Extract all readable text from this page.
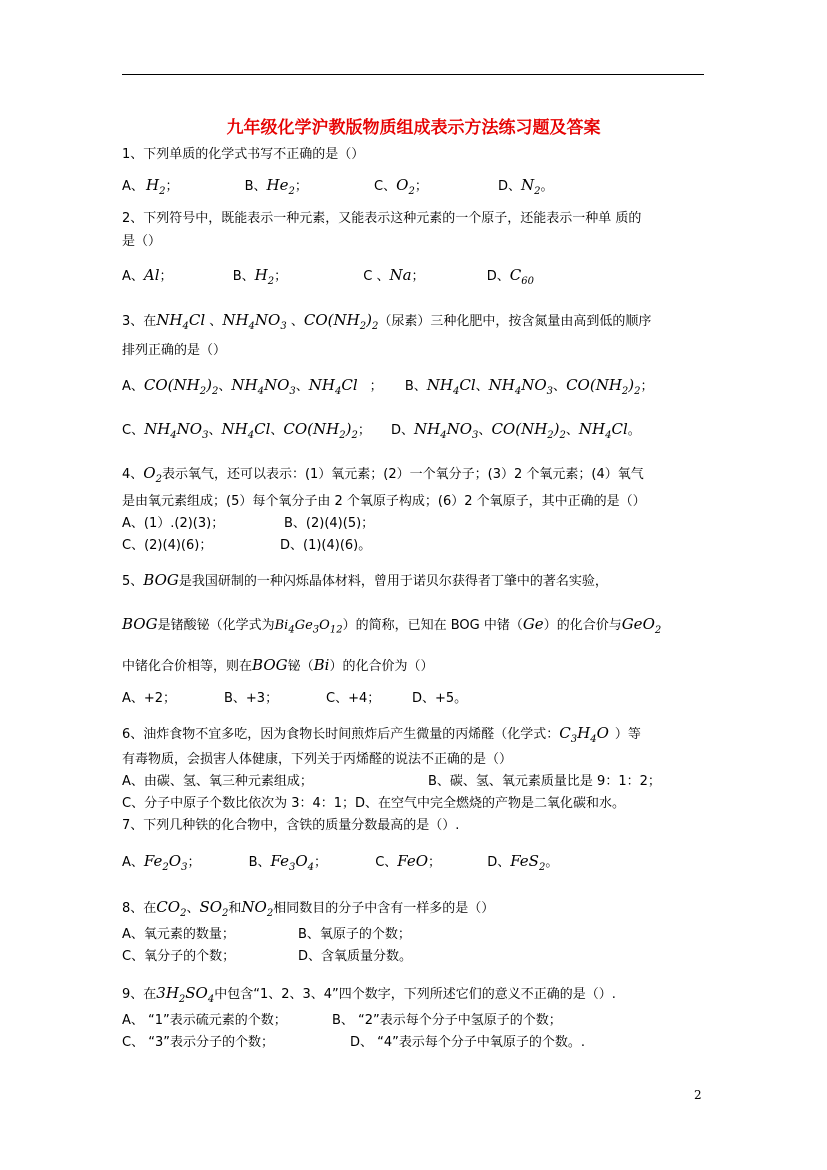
九年级化学沪教版物质组成表示方法练习题及答案
1、下列单质的化学式书写不正确的是（）
A、 $H_2$；	B、$He_2$；	C、$O_2$；	D、$N_2$。
2、下列符号中，既能表示一种元素，又能表示这种元素的一个原子，还能表示一种单 质的
是（）
A、Al；	B、$H_2$；	C 、Na；	D、$C_{60}$
3、在$NH_4Cl$ 、$NH_4NO_3$ 、$CO(NH_2)_2$（尿素）三种化肥中，按含氮量由高到低的顺序
排列正确的是（）
A、$CO(NH_2)_2$、$NH_4NO_3$、$NH_4Cl$ ； B、$NH_4Cl$、$NH_4NO_3$、$CO(NH_2)_2$；
C、$NH_4NO_3$、$NH_4Cl$、$CO(NH_2)_2$； D、$NH_4NO_3$、$CO(NH_2)_2$、$NH_4Cl$。
4、$O_2$表示氧气，还可以表示：(1）氧元素；(2）一个氧分子；(3）2 个氧元素；(4）氧气
是由氧元素组成；(5）每个氧分子由 2 个氧原子构成；(6）2 个氧原子，其中正确的是（）
A、(1）.(2)(3)；	B、(2)(4)(5)；
C、(2)(4)(6)；	D、(1)(4)(6)。
5、BOG是我国研制的一种闪烁晶体材料，曾用于诺贝尔获得者丁肇中的著名实验，
BOG是锗酸铋（化学式为$Bi_4Ge_3O_{12}$）的简称，已知在 BOG 中锗（Ge）的化合价与GeO$_2$
中锗化合价相等，则在BOG铋（Bi）的化合价为（）
A、+2；	B、+3；	C、+4； D、+5。
6、油炸食物不宜多吃，因为食物长时间煎炸后产生微量的丙烯醛（化学式：$C_3H_4O$ ）等
有毒物质，会损害人体健康，下列关于丙烯醛的说法不正确的是（）
A、由碳、氢、氧三种元素组成；	B、碳、氢、氧元素质量比是 9：1：2；
C、分子中原子个数比依次为 3：4：1；D、在空气中完全燃烧的产物是二氧化碳和水。
7、下列几种铁的化合物中，含铁的质量分数最高的是（）.
A、$Fe_2O_3$；	B、$Fe_3O_4$；	C、FeO；	D、FeS$_2$。
8、在$CO_2$、$SO_2$和$NO_2$相同数目的分子中含有一样多的是（）
A、氧元素的数量；	B、氧原子的个数；
C、氧分子的个数；	D、含氧质量分数。
9、在$3H_2SO_4$中包含“1、2、3、4”四个数字，下列所述它们的意义不正确的是（）.
A、 “1”表示硫元素的个数；	B、 “2”表示每个分子中氢原子的个数；
C、 “3”表示分子的个数；	D、 “4”表示每个分子中氧原子的个数。.
2
